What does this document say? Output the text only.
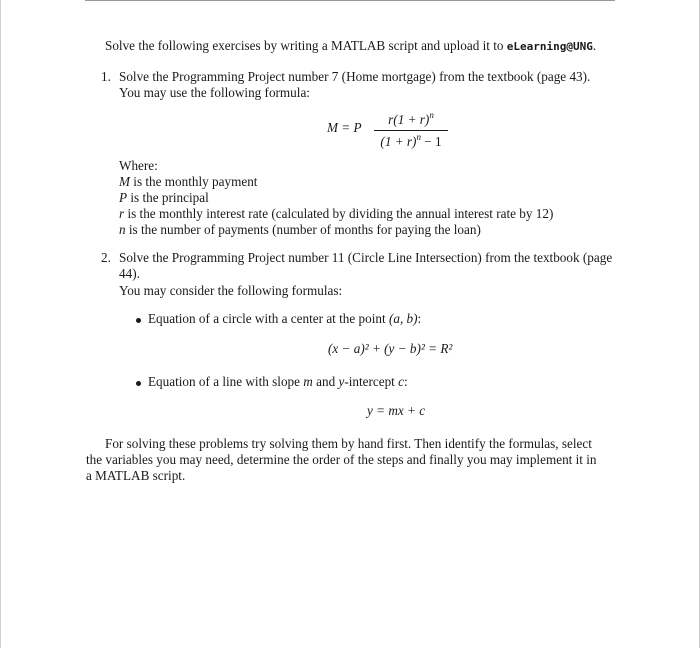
Solve the following exercises by writing a MATLAB script and upload it to eLearning@UNG.
1. Solve the Programming Project number 7 (Home mortgage) from the textbook (page 43).
You may use the following formula:
M = P
$r(1 + r)^n$
$(1 + r)^n - 1$
Where:
M is the monthly payment
P is the principal
r is the monthly interest rate (calculated by dividing the annual interest rate by 12)
n is the number of payments (number of months for paying the loan)
2. Solve the Programming Project number 11 (Circle Line Intersection) from the textbook (page
44).
You may consider the following formulas:
Equation of a circle with a center at the point (a, b):
(x − a)² + (y − b)² = R²
Equation of a line with slope m and y-intercept c:
y = mx + c
For solving these problems try solving them by hand first. Then identify the formulas, select
the variables you may need, determine the order of the steps and finally you may implement it in
a MATLAB script.
